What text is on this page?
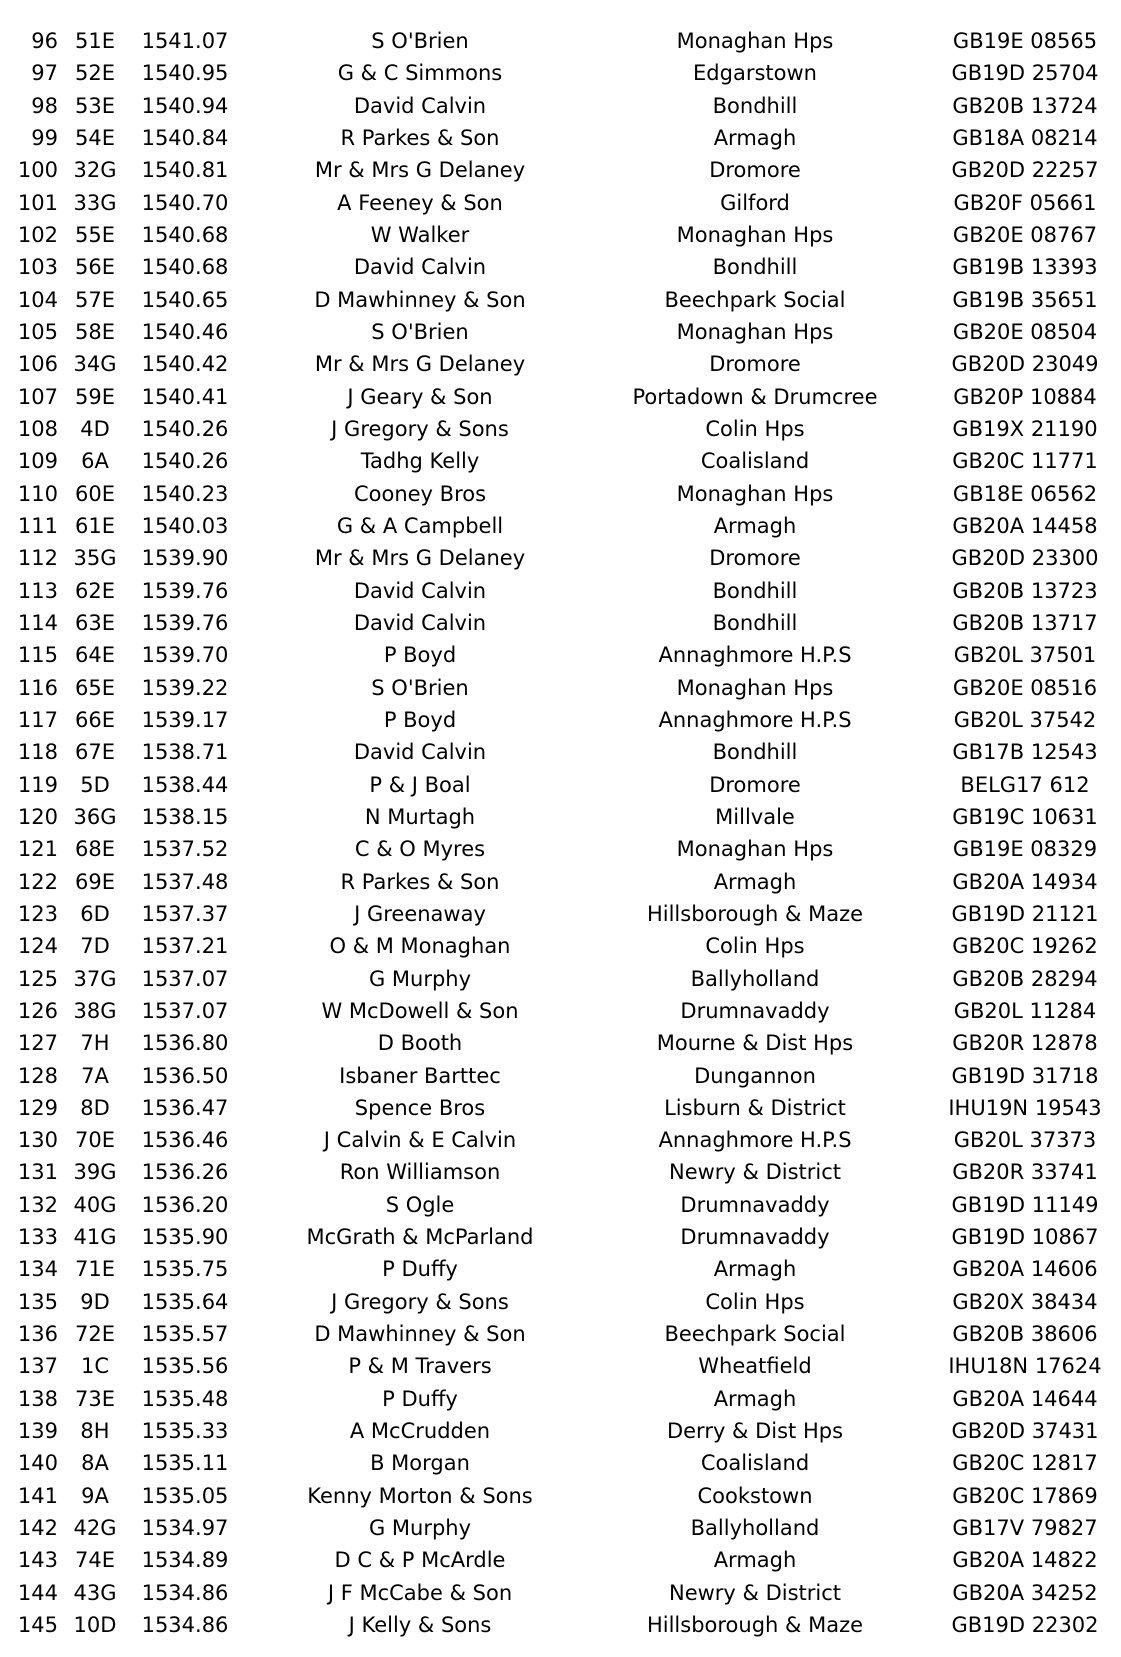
96 51E	1541.07	S O'Brien	Monaghan Hps	GB19E 08565
97 52E	1540.95	G & C Simmons	Edgarstown	GB19D 25704
98 53E	1540.94	David Calvin	Bondhill	GB20B 13724
99 54E	1540.84	R Parkes & Son	Armagh	GB18A 08214
100 32G	1540.81	Mr & Mrs G Delaney	Dromore	GB20D 22257
101 33G	1540.70	A Feeney & Son	Gilford	GB20F 05661
102 55E	1540.68	W Walker	Monaghan Hps	GB20E 08767
103 56E	1540.68	David Calvin	Bondhill	GB19B 13393
104 57E	1540.65	D Mawhinney & Son	Beechpark Social	GB19B 35651
105 58E	1540.46	S O'Brien	Monaghan Hps	GB20E 08504
106 34G	1540.42	Mr & Mrs G Delaney	Dromore	GB20D 23049
107 59E	1540.41	J Geary & Son	Portadown & Drumcree	GB20P 10884
108	4D	1540.26	J Gregory & Sons	Colin Hps	GB19X 21190
109	6A	1540.26	Tadhg Kelly	Coalisland	GB20C 11771
110 60E	1540.23	Cooney Bros	Monaghan Hps	GB18E 06562
111 61E	1540.03	G & A Campbell	Armagh	GB20A 14458
112 35G	1539.90	Mr & Mrs G Delaney	Dromore	GB20D 23300
113 62E	1539.76	David Calvin	Bondhill	GB20B 13723
114 63E	1539.76	David Calvin	Bondhill	GB20B 13717
115 64E	1539.70	P Boyd	Annaghmore H.P.S	GB20L 37501
116 65E	1539.22	S O'Brien	Monaghan Hps	GB20E 08516
117 66E	1539.17	P Boyd	Annaghmore H.P.S	GB20L 37542
118 67E	1538.71	David Calvin	Bondhill	GB17B 12543
119	5D	1538.44	P & J Boal	Dromore	BELG17 612
120 36G	1538.15	N Murtagh	Millvale	GB19C 10631
121 68E	1537.52	C & O Myres	Monaghan Hps	GB19E 08329
122 69E	1537.48	R Parkes & Son	Armagh	GB20A 14934
123	6D	1537.37	J Greenaway	Hillsborough & Maze	GB19D 21121
124	7D	1537.21	O & M Monaghan	Colin Hps	GB20C 19262
125 37G	1537.07	G Murphy	Ballyholland	GB20B 28294
126 38G	1537.07	W McDowell & Son	Drumnavaddy	GB20L 11284
127	7H	1536.80	D Booth	Mourne & Dist Hps	GB20R 12878
128	7A	1536.50	Isbaner Barttec	Dungannon	GB19D 31718
129	8D	1536.47	Spence Bros	Lisburn & District	IHU19N 19543
130 70E	1536.46	J Calvin & E Calvin	Annaghmore H.P.S	GB20L 37373
131 39G	1536.26	Ron Williamson	Newry & District	GB20R 33741
132 40G	1536.20	S Ogle	Drumnavaddy	GB19D 11149
133 41G	1535.90	McGrath & McParland	Drumnavaddy	GB19D 10867
134 71E	1535.75	P Duffy	Armagh	GB20A 14606
135	9D	1535.64	J Gregory & Sons	Colin Hps	GB20X 38434
136 72E	1535.57	D Mawhinney & Son	Beechpark Social	GB20B 38606
137	1C	1535.56	P & M Travers	Wheatfield	IHU18N 17624
138 73E	1535.48	P Duffy	Armagh	GB20A 14644
139	8H	1535.33	A McCrudden	Derry & Dist Hps	GB20D 37431
140	8A	1535.11	B Morgan	Coalisland	GB20C 12817
141	9A	1535.05	Kenny Morton & Sons	Cookstown	GB20C 17869
142 42G	1534.97	G Murphy	Ballyholland	GB17V 79827
143 74E	1534.89	D C & P McArdle	Armagh	GB20A 14822
144 43G	1534.86	J F McCabe & Son	Newry & District	GB20A 34252
145 10D	1534.86	J Kelly & Sons	Hillsborough & Maze	GB19D 22302
